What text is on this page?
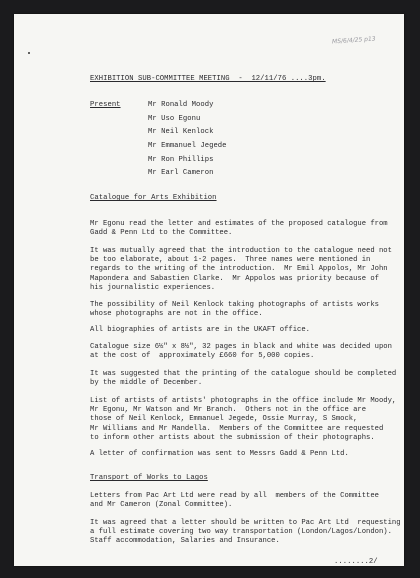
MS/6/4/25 p13
EXHIBITION SUB-COMMITTEE MEETING  -  12/11/76 ....3pm.
Present	Mr Ronald Moody
Mr Uso Egonu
Mr Neil Kenlock
Mr Emmanuel Jegede
Mr Ron Phillips
Mr Earl Cameron
Catalogue for Arts Exhibition
Mr Egonu read the letter and estimates of the proposed catalogue from
Gadd & Penn Ltd to the Committee.
It was mutually agreed that the introduction to the catalogue need not
be too elaborate, about 1-2 pages.  Three names were mentioned in
regards to the writing of the introduction.  Mr Emil Appolos, Mr John
Mapondera and Sabastien Clarke.  Mr Appolos was priority because of
his journalistic experiences.
The possibility of Neil Kenlock taking photographs of artists works
whose photographs are not in the office.
All biographies of artists are in the UKAFT office.
Catalogue size 6½" x 8½", 32 pages in black and white was decided upon
at the cost of  approximately £660 for 5,000 copies.
It was suggested that the printing of the catalogue should be completed
by the middle of December.
List of artists of artists' photographs in the office include Mr Moody,
Mr Egonu, Mr Watson and Mr Branch.  Others not in the office are
those of Neil Kenlock, Emmanuel Jegede, Ossie Murray, S Smock,
Mr Williams and Mr Mandella.  Members of the Committee are requested
to inform other artists about the submission of their photographs.
A letter of confirmation was sent to Messrs Gadd & Penn Ltd.
Transport of Works to Lagos
Letters from Pac Art Ltd were read by all  members of the Committee
and Mr Cameron (Zonal Committee).
It was agreed that a letter should be written to Pac Art Ltd  requesting
a full estimate covering two way transportation (London/Lagos/London).
Staff accommodation, Salaries and Insurance.
........2/
